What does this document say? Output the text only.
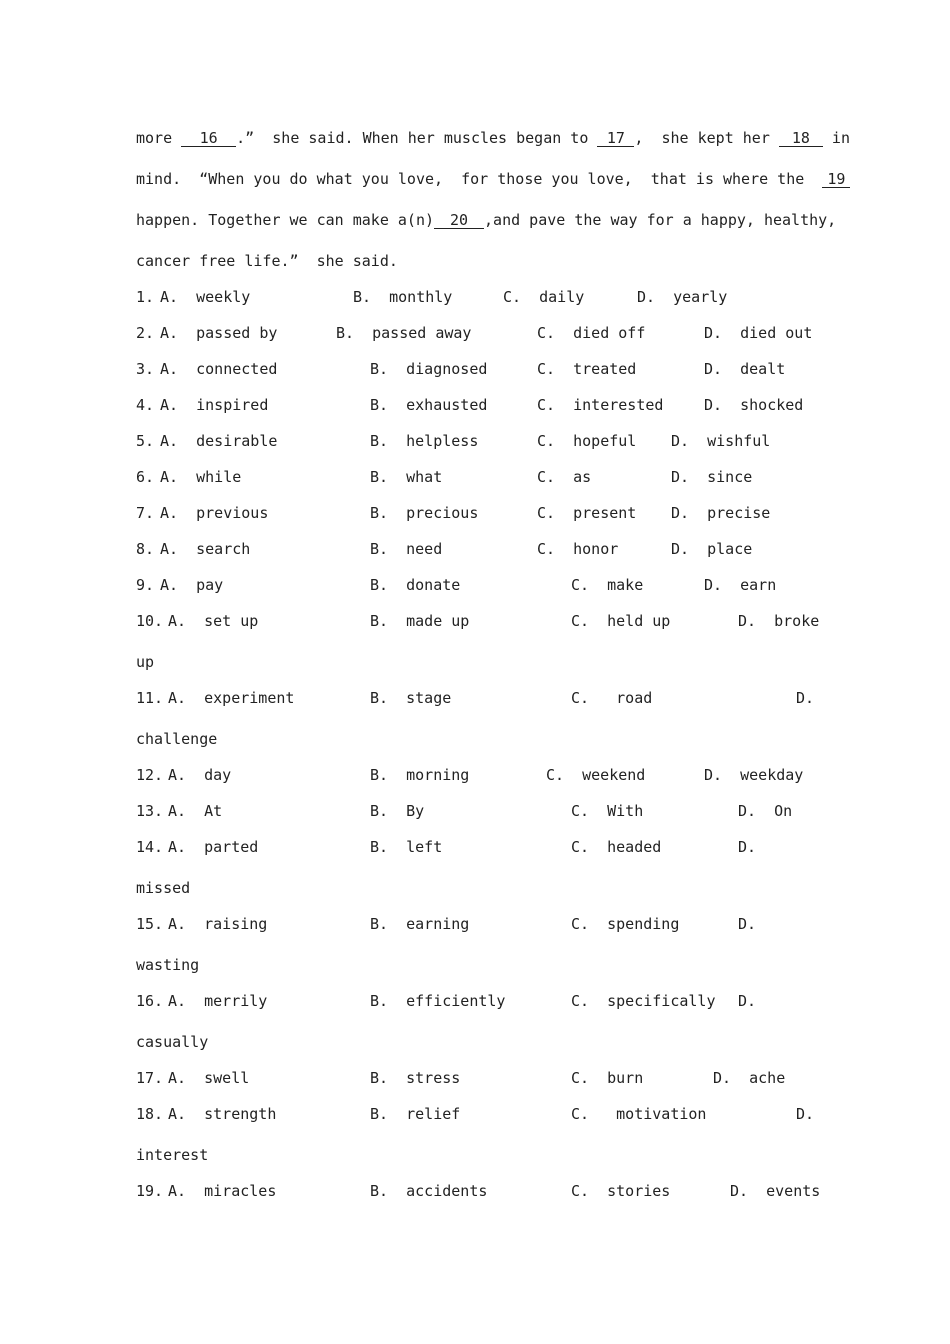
more 16 .”  she said. When her muscles began to 17 ,  she kept her 18 in
mind.  “When you do what you love,  for those you love,  that is where the  19
happen. Together we can make a(n) 20 ,and pave the way for a happy, healthy,
cancer free life.”  she said.
1. A.  weekly	B.  monthly	C.  daily	D.  yearly
2. A.  passed by	B.  passed away	C.  died off	D.  died out
3. A.  connected	B.  diagnosed	C.  treated	D.  dealt
4. A.  inspired	B.  exhausted	C.  interested	D.  shocked
5. A.  desirable	B.  helpless	C.  hopeful D.  wishful
6. A.  while	B.  what	C.  as	D.  since
7. A.  previous	B.  precious	C.  present D.  precise
8. A.  search	B.  need	C.  honor	D.  place
9. A.  pay	B.  donate	C.  make	D.  earn
10. A.  set up	B.  made up	C.  held up	D.  broke
up
11. A.  experiment	B.  stage	C.   road	D.
challenge
12. A.  day	B.  morning	C.  weekend	D.  weekday
13. A.  At	B.  By	C.  With	D.  On
14. A.  parted	B.  left	C.  headed	D.
missed
15. A.  raising	B.  earning	C.  spending	D.
wasting
16. A.  merrily	B.  efficiently	C.  specifically D.
casually
17. A.  swell	B.  stress	C.  burn	D.  ache
18. A.  strength	B.  relief	C.   motivation	D.
interest
19. A.  miracles	B.  accidents	C.  stories	D.  events
